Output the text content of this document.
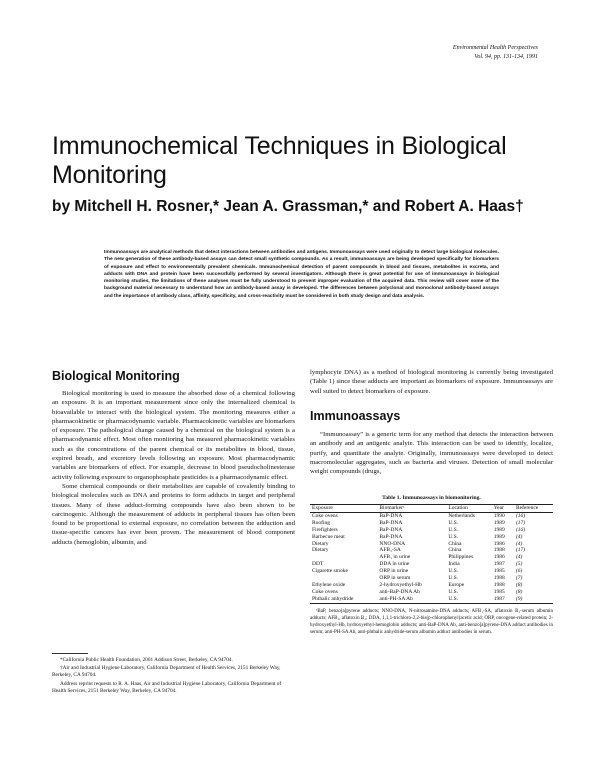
Environmental Health Perspectives
Vol. 94, pp. 131-134, 1991
Immunochemical Techniques in Biological Monitoring
by Mitchell H. Rosner,* Jean A. Grassman,* and Robert A. Haas†
Immunoassays are analytical methods that detect interactions between antibodies and antigens. Immunoassays were used originally to detect large biological molecules. The new generation of these antibody-based assays can detect small synthetic compounds. As a result, immunoassays are being developed specifically for biomarkers of exposure and effect to environmentally prevalent chemicals. Immunochemical detection of parent compounds in blood and tissues, metabolites in excreta, and adducts with DNA and protein have been successfully performed by several investigators. Although there is great potential for use of immunoassays in biological monitoring studies, the limitations of these analyses must be fully understood to prevent improper evaluation of the acquired data. This review will cover some of the background material necessary to understand how an antibody-based assay is developed. The differences between polyclonal and monoclonal antibody-based assays and the importance of antibody class, affinity, specificity, and cross-reactivity must be considered in both study design and data analysis.
Biological Monitoring

Biological monitoring is used to measure the absorbed dose of a chemical following an exposure. It is an important measurement since only the internalized chemical is bioavailable to interact with the biological system. The monitoring measures either a pharmacokinetic or pharmacodynamic variable. Pharmacokinetic variables are biomarkers of exposure. The pathological change caused by a chemical on the biological system is a pharmacodynamic effect. Most often monitoring has measured pharmacokinetic variables such as the concentrations of the parent chemical or its metabolites in blood, tissue, expired breath, and excretory levels following an exposure. Most pharmacodynamic variables are biomarkers of effect. For example, decrease in blood pseudocholinesterase activity following exposure to organophosphate pesticides is a pharmacodynamic effect.

Some chemical compounds or their metabolites are capable of covalently binding to biological molecules such as DNA and proteins to form adducts in target and peripheral tissues. Many of these adduct-forming compounds have also been shown to be carcinogenic. Although the measurement of adducts in peripheral tissues has often been found to be proportional to external exposure, no correlation between the adduction and tissue-specific cancers has ever been proven. The measurement of blood component adducts (hemoglobin, albumin, and

*California Public Health Foundation, 2001 Addison Street, Berkeley, CA 94704.

†Air and Industrial Hygiene Laboratory, California Department of Health Services, 2151 Berkeley Way, Berkeley, CA 94704.

Address reprint requests to R. A. Haas, Air and Industrial Hygiene Laboratory, California Department of Health Services, 2151 Berkeley Way, Berkeley, CA 94704.

lymphocyte DNA) as a method of biological monitoring is currently being investigated (Table 1) since these adducts are important as biomarkers of exposure. Immunoassays are well suited to detect biomarkers of exposure.

Immunoassays

“Immunoassay” is a generic term for any method that detects the interaction between an antibody and an antigenic analyte. This interaction can be used to identify, localize, purify, and quantitate the analyte. Originally, immunoassays were developed to detect macromolecular aggregates, such as bacteria and viruses. Detection of small molecular weight compounds (drugs,

Table 1. Immunoassays in biomonitoring.
Exposure	Biomarkerᵃ	Location	Year	Reference
Coke ovens	BaP-DNA	Netherlands	1990	(16)
Roofing	BaP-DNA	U.S.	1989	(17)
Firefighters	BaP-DNA	U.S.	1989	(16)
Barbecue meat	BaP-DNA	U.S.	1989	(4)
Dietary	NNO-DNA	China	1986	(4)
Dietary	AFB₁-SA	China	1988	(17)
	AFB₁ in urine	Philippines	1986	(4)
DDT	DDA in urine	India	1987	(5)
Cigarette smoke	ORP in urine	U.S.	1985	(6)
	ORP in serum	U.S.	1988	(7)
Ethylene oxide	2-hydroxyethyl-Hb	Europe	1988	(8)
Coke ovens	anti-BaP-DNA Ab	U.S.	1985	(8)
Phthalic anhydride	anti-PH-SA Ab	U.S.	1987	(9)
ᵃBaP, benzo[a]pyrene adducts; NNO-DNA, N-nitrosamine-DNA adducts; AFB₁-SA, aflatoxin B₁-serum albumin adducts; AFB₁, aflatoxin B₁; DDA, 1,1,1-trichloro-2,2-bis(p-chlorophenyl)acetic acid; ORP, oncogene-related protein; 2-hydroxyethyl-Hb, hydroxyethyl-hemoglobin adducts; anti-BaP-DNA Ab, anti-benzo[a]pyrene-DNA adduct antibodies in serum; anti-PH-SA Ab, anti-phthalic anhydride-serum albumin adduct antibodies in serum.
